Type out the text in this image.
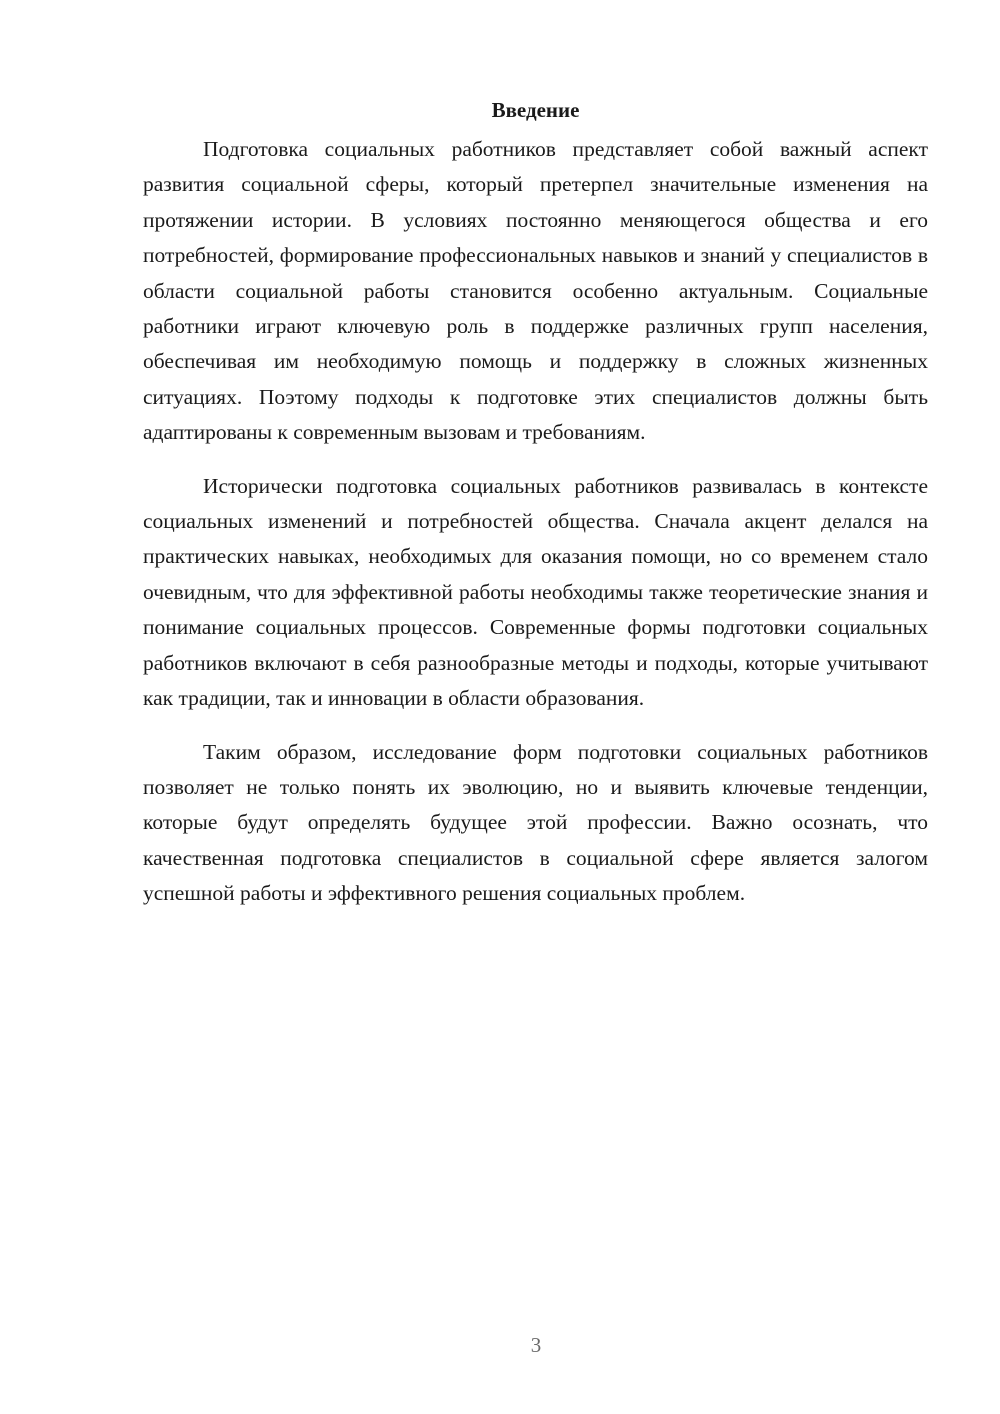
Введение

Подготовка социальных работников представляет собой важный аспект развития социальной сферы, который претерпел значительные изменения на протяжении истории. В условиях постоянно меняющегося общества и его потребностей, формирование профессиональных навыков и знаний у специалистов в области социальной работы становится особенно актуальным. Социальные работники играют ключевую роль в поддержке различных групп населения, обеспечивая им необходимую помощь и поддержку в сложных жизненных ситуациях. Поэтому подходы к подготовке этих специалистов должны быть адаптированы к современным вызовам и требованиям.

Исторически подготовка социальных работников развивалась в контексте социальных изменений и потребностей общества. Сначала акцент делался на практических навыках, необходимых для оказания помощи, но со временем стало очевидным, что для эффективной работы необходимы также теоретические знания и понимание социальных процессов. Современные формы подготовки социальных работников включают в себя разнообразные методы и подходы, которые учитывают как традиции, так и инновации в области образования.

Таким образом, исследование форм подготовки социальных работников позволяет не только понять их эволюцию, но и выявить ключевые тенденции, которые будут определять будущее этой профессии. Важно осознать, что качественная подготовка специалистов в социальной сфере является залогом успешной работы и эффективного решения социальных проблем.

3
